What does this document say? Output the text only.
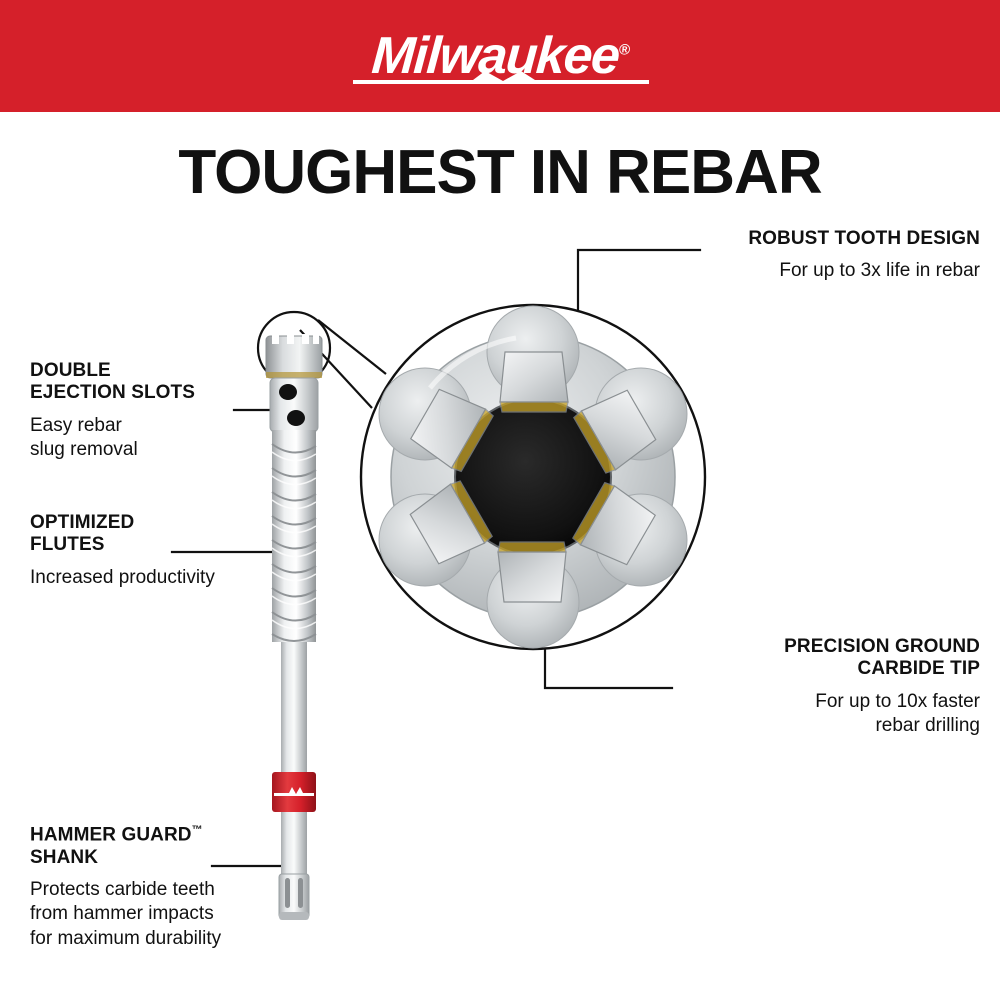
Milwaukee®
TOUGHEST IN REBAR
ROBUST TOOTH DESIGN
For up to 3x life in rebar
PRECISION GROUND
CARBIDE TIP
For up to 10x faster
rebar drilling
DOUBLE
EJECTION SLOTS
Easy rebar
slug removal
OPTIMIZED
FLUTES
Increased productivity
HAMMER GUARD™
SHANK
Protects carbide teeth
from hammer impacts
for maximum durability
